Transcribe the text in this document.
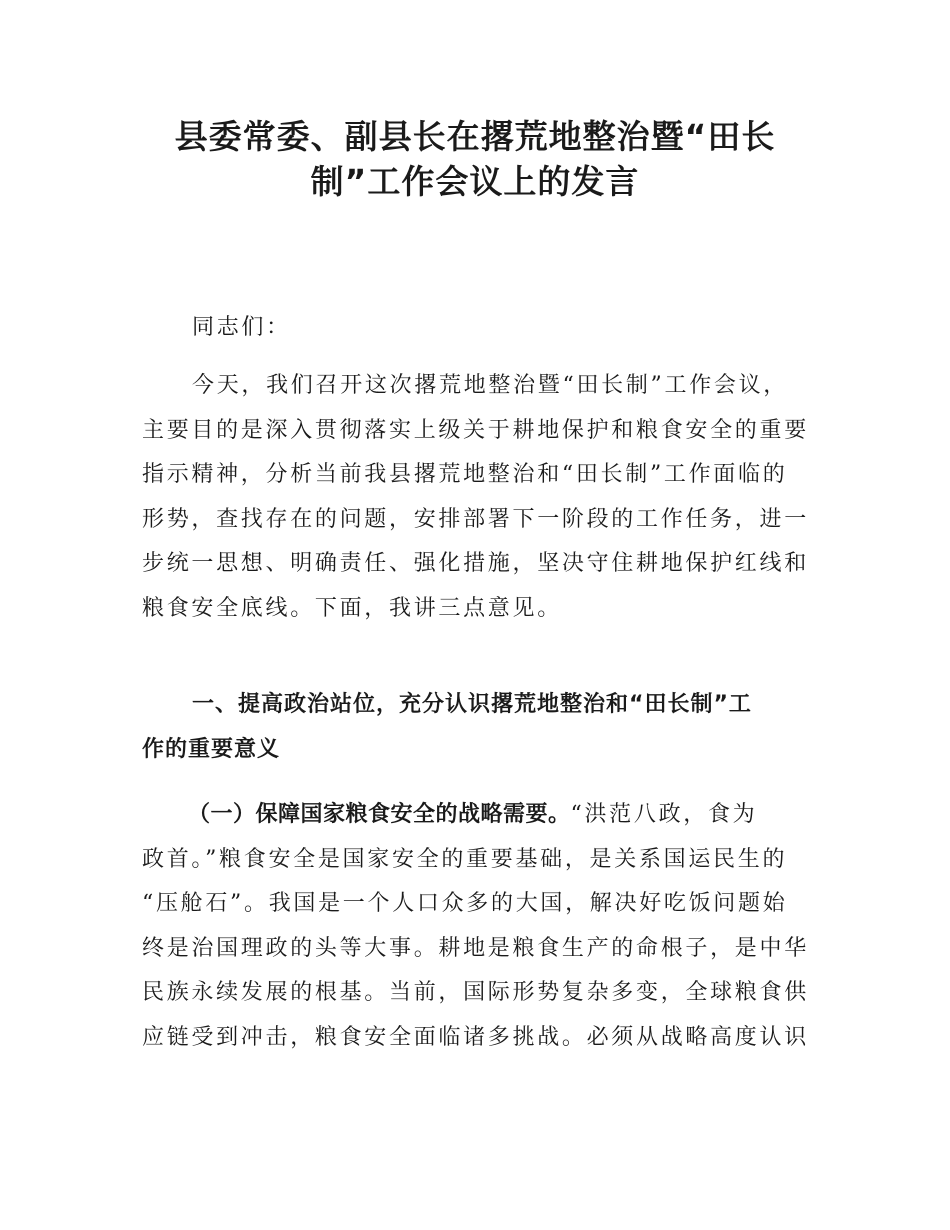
县委常委、副县长在撂荒地整治暨“田长
制”工作会议上的发言
同志们：
今天，我们召开这次撂荒地整治暨“田长制”工作会议，
主要目的是深入贯彻落实上级关于耕地保护和粮食安全的重要
指示精神，分析当前我县撂荒地整治和“田长制”工作面临的
形势，查找存在的问题，安排部署下一阶段的工作任务，进一
步统一思想、明确责任、强化措施，坚决守住耕地保护红线和
粮食安全底线。下面，我讲三点意见。
一、提高政治站位，充分认识撂荒地整治和“田长制”工
作的重要意义
（一）保障国家粮食安全的战略需要。“洪范八政，食为
政首。”粮食安全是国家安全的重要基础，是关系国运民生的
“压舱石”。我国是一个人口众多的大国，解决好吃饭问题始
终是治国理政的头等大事。耕地是粮食生产的命根子，是中华
民族永续发展的根基。当前，国际形势复杂多变，全球粮食供
应链受到冲击，粮食安全面临诸多挑战。必须从战略高度认识
